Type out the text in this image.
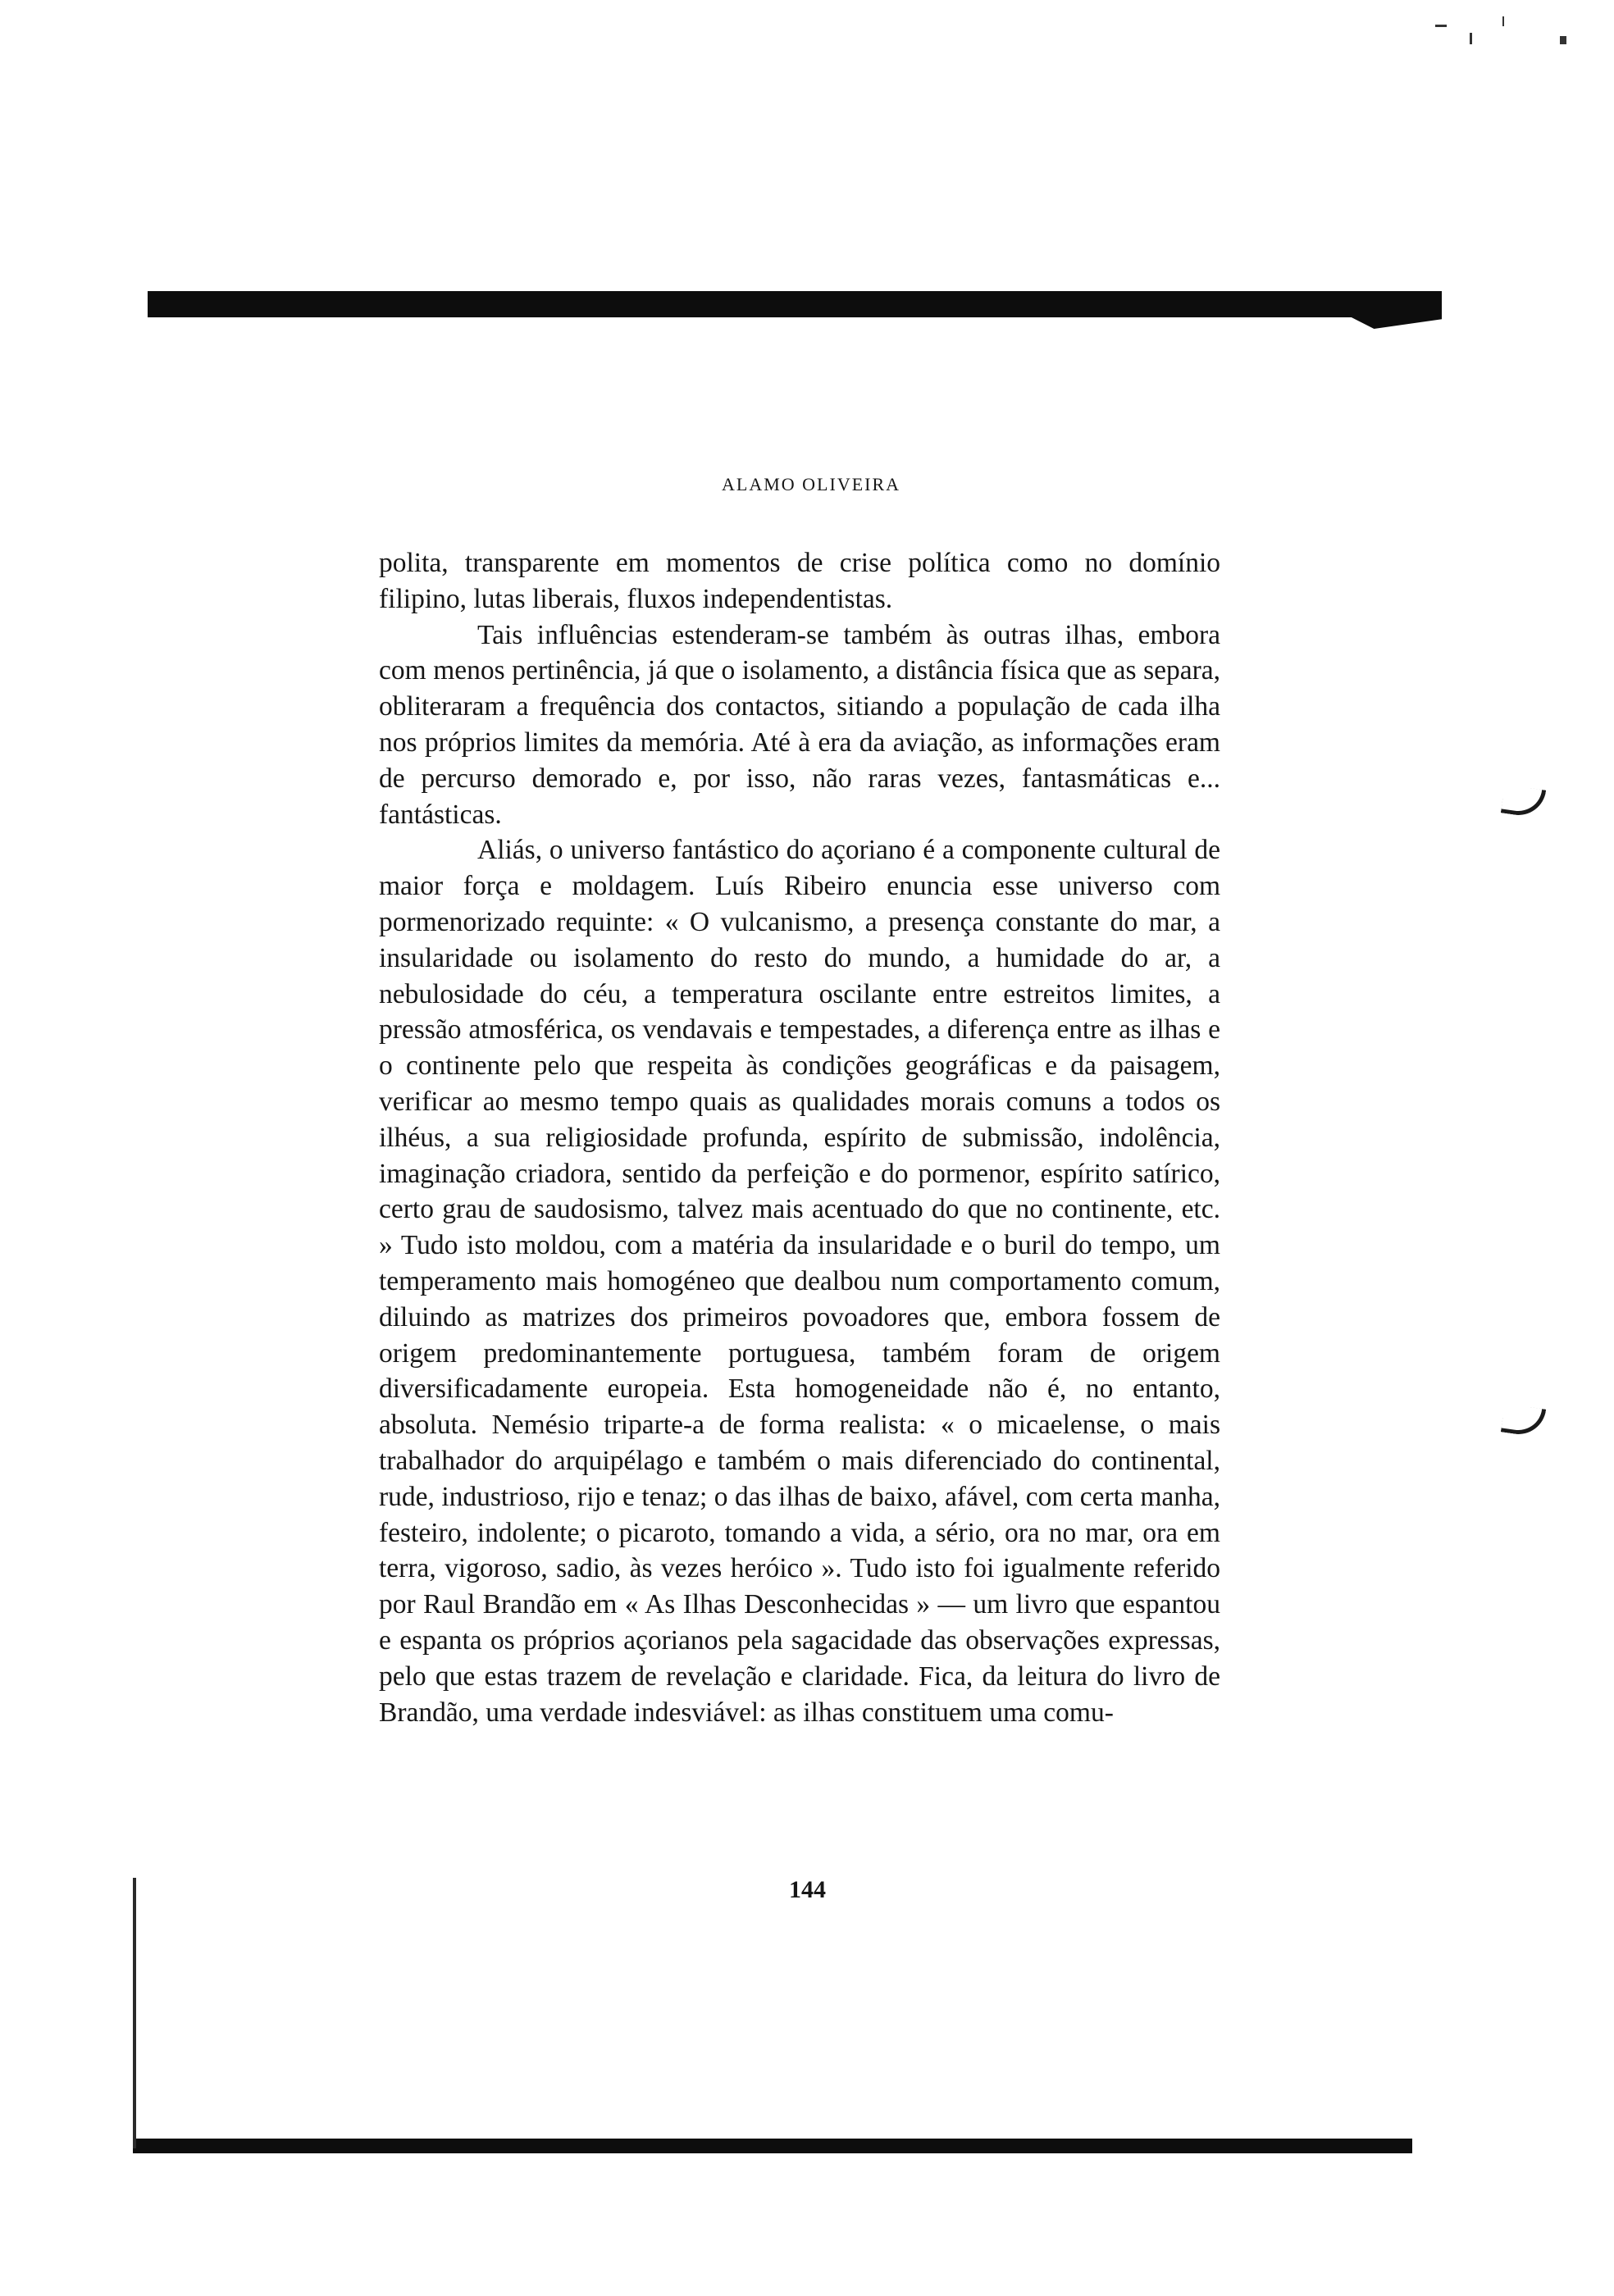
ALAMO OLIVEIRA

polita, transparente em momentos de crise política como no domínio filipino, lutas liberais, fluxos independentistas.

Tais influências estenderam-se também às outras ilhas, embora com menos pertinência, já que o isolamento, a distância física que as separa, obliteraram a frequência dos contactos, sitiando a população de cada ilha nos próprios limites da memória. Até à era da aviação, as informações eram de percurso demorado e, por isso, não raras vezes, fantasmáticas e... fantásticas.

Aliás, o universo fantástico do açoriano é a componente cultural de maior força e moldagem. Luís Ribeiro enuncia esse universo com pormenorizado requinte: « O vulcanismo, a presença constante do mar, a insularidade ou isolamento do resto do mundo, a humidade do ar, a nebulosidade do céu, a temperatura oscilante entre estreitos limites, a pressão atmosférica, os vendavais e tempestades, a diferença entre as ilhas e o continente pelo que respeita às condições geográficas e da paisagem, verificar ao mesmo tempo quais as qualidades morais comuns a todos os ilhéus, a sua religiosidade profunda, espírito de submissão, indolência, imaginação criadora, sentido da perfeição e do pormenor, espírito satírico, certo grau de saudosismo, talvez mais acentuado do que no continente, etc. » Tudo isto moldou, com a matéria da insularidade e o buril do tempo, um temperamento mais homogéneo que dealbou num comportamento comum, diluindo as matrizes dos primeiros povoadores que, embora fossem de origem predominantemente portuguesa, também foram de origem diversificadamente europeia. Esta homogeneidade não é, no entanto, absoluta. Nemésio triparte-a de forma realista: « o micaelense, o mais trabalhador do arquipélago e também o mais diferenciado do continental, rude, industrioso, rijo e tenaz; o das ilhas de baixo, afável, com certa manha, festeiro, indolente; o picaroto, tomando a vida, a sério, ora no mar, ora em terra, vigoroso, sadio, às vezes heróico ». Tudo isto foi igualmente referido por Raul Brandão em « As Ilhas Desconhecidas » — um livro que espantou e espanta os próprios açorianos pela sagacidade das observações expressas, pelo que estas trazem de revelação e claridade. Fica, da leitura do livro de Brandão, uma verdade indesviável: as ilhas constituem uma comu-

144
